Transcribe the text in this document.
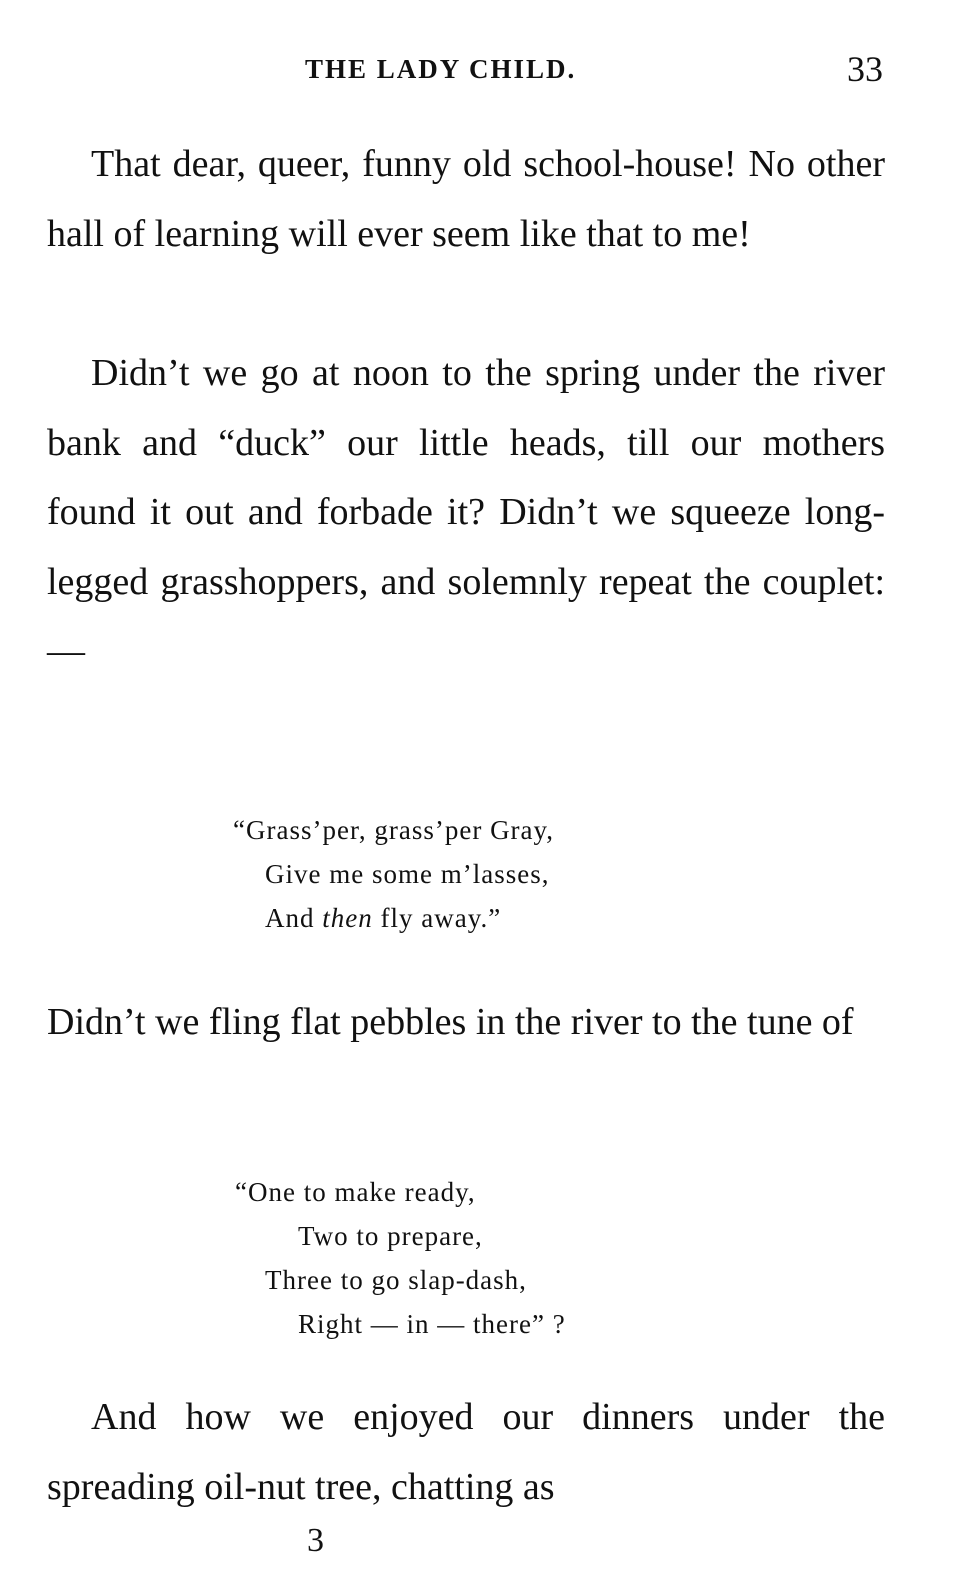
THE LADY CHILD.	33

That dear, queer, funny old school-house! No other hall of learning will ever seem like that to me!

Didn’t we go at noon to the spring under the river bank and “duck” our little heads, till our mothers found it out and forbade it? Didn’t we squeeze long-legged grasshoppers, and solemnly repeat the couplet: —

“Grass’per, grass’per Gray,
Give me some m’lasses,
And then fly away.”

Didn’t we fling flat pebbles in the river to the tune of

“One to make ready,
Two to prepare,
Three to go slap-dash,
Right — in — there” ?

And how we enjoyed our dinners under the spreading oil-nut tree, chatting as

3
